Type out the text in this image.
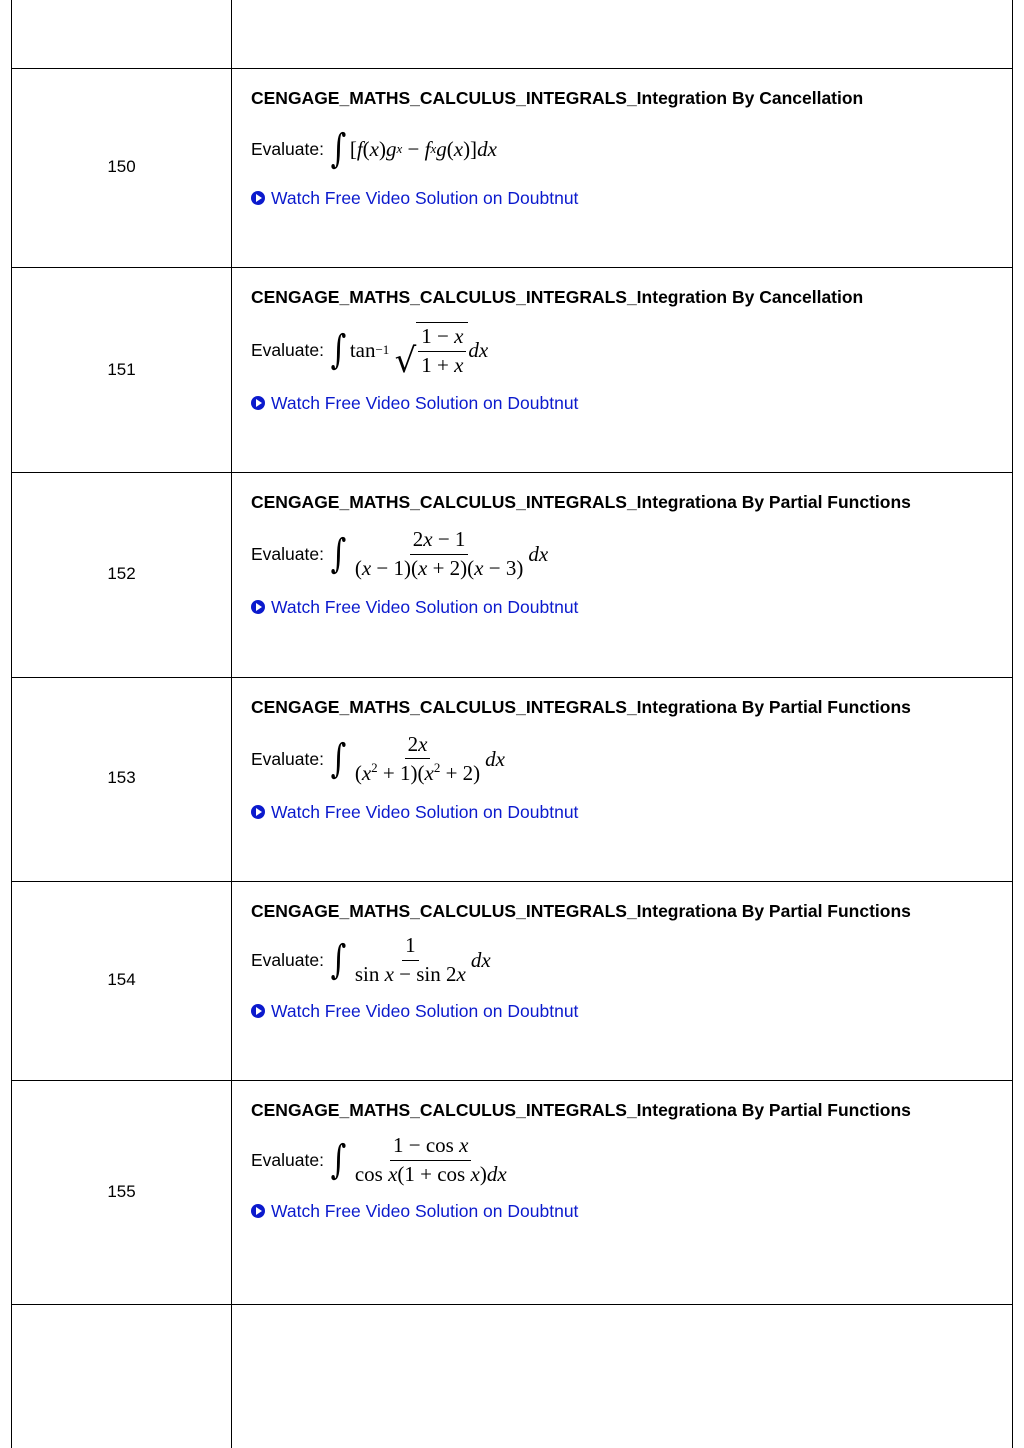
150
CENGAGE_MATHS_CALCULUS_INTEGRALS_Integration By Cancellation
Evaluate: ∫ [ f ( x ) g x − f x g ( x )] dx
Watch Free Video Solution on Doubtnut
151
CENGAGE_MATHS_CALCULUS_INTEGRALS_Integration By Cancellation
Evaluate: ∫ tan −1
√ $\frac{1 - x}{1 + x}$ dx
Watch Free Video Solution on Doubtnut
152
CENGAGE_MATHS_CALCULUS_INTEGRALS_Integrationa By Partial Functions
Evaluate: ∫ $\frac{2x - 1}{(x - 1)(x + 2)(x - 3)}$ dx
Watch Free Video Solution on Doubtnut
153
CENGAGE_MATHS_CALCULUS_INTEGRALS_Integrationa By Partial Functions
Evaluate: ∫ $\frac{2x}{(x^2 + 1)(x^2 + 2)}$ dx
Watch Free Video Solution on Doubtnut
154
CENGAGE_MATHS_CALCULUS_INTEGRALS_Integrationa By Partial Functions
Evaluate: ∫ $\frac{1}{\text{sin x − sin 2x}}$ dx
Watch Free Video Solution on Doubtnut
155
CENGAGE_MATHS_CALCULUS_INTEGRALS_Integrationa By Partial Functions
Evaluate: ∫ $\frac{\text{1 − cos x}}{\text{cos x(1 + cos x)dx}}$
Watch Free Video Solution on Doubtnut
